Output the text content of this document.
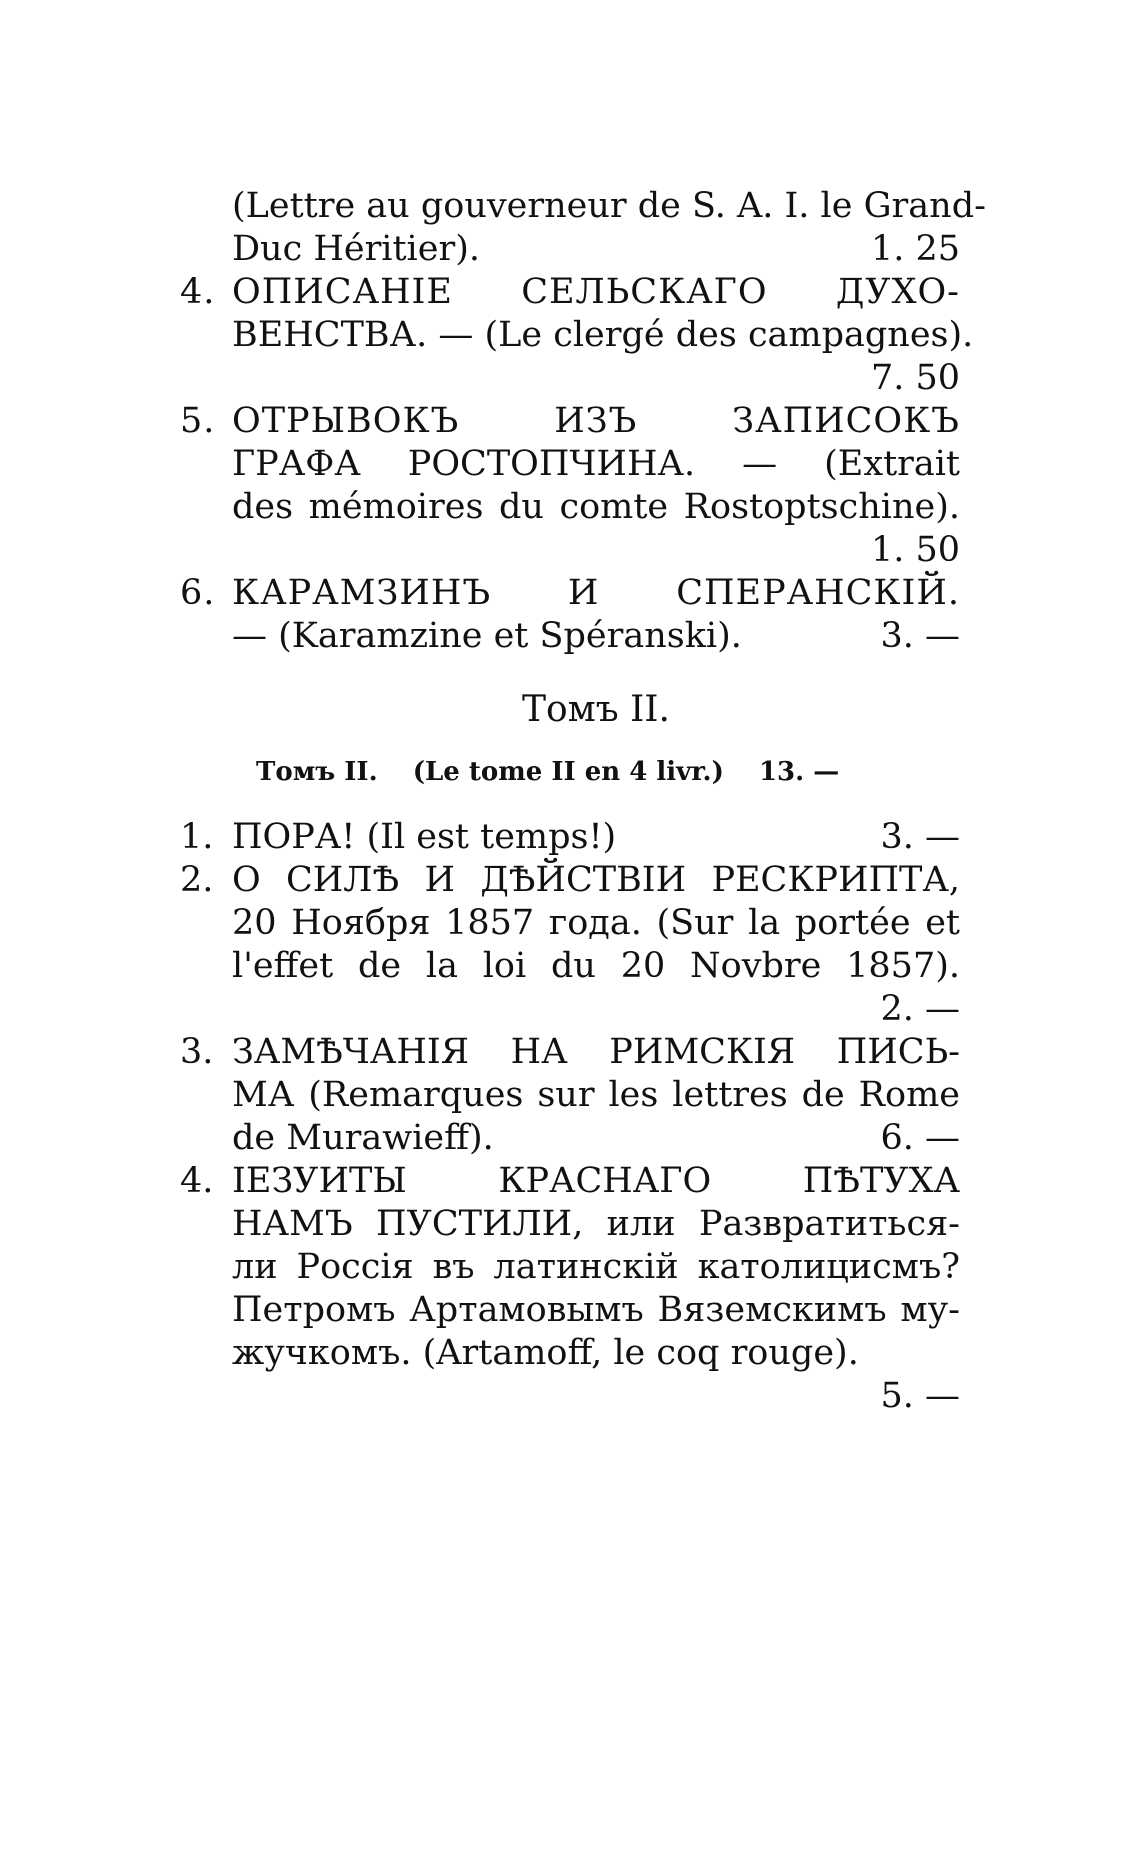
(Lettre au gouverneur de S. A. I. le Grand-
Duc Héritier).	1. 25
4. ОПИСАНІЕ СЕЛЬСКАГО ДУХО-
ВЕНСТВА. — (Le clergé des campagnes).
7. 50
5. ОТРЫВОКЪ ИЗЪ ЗАПИСОКЪ
ГРАФА РОСТОПЧИНА. — (Extrait
des mémoires du comte Rostoptschine).
1. 50
6. КАРАМЗИНЪ И СПЕРАНСКІЙ.
— (Karamzine et Spéranski).	3. —
Томъ II.
Томъ II. (Le tome II en 4 livr.) 13. —
1. ПОРА! (Il est temps!)	3. —
2. О СИЛѢ И ДѢЙСТВІИ РЕСКРИПТА,
20 Ноября 1857 года. (Sur la portée et
l'effet de la loi du 20 Novbre 1857).
2. —
3. ЗАМѢЧАНІЯ НА РИМСКІЯ ПИСЬ-
МА (Remarques sur les lettres de Rome
de Murawieff).	6. —
4. ІЕЗУИТЫ КРАСНАГО ПѢТУХА
НАМЪ ПУСТИЛИ, или Развратиться-
ли Россія въ латинскій католицисмъ?
Петромъ Артамовымъ Вяземскимъ му-
жучкомъ. (Artamoff, le coq rouge).
5. —
